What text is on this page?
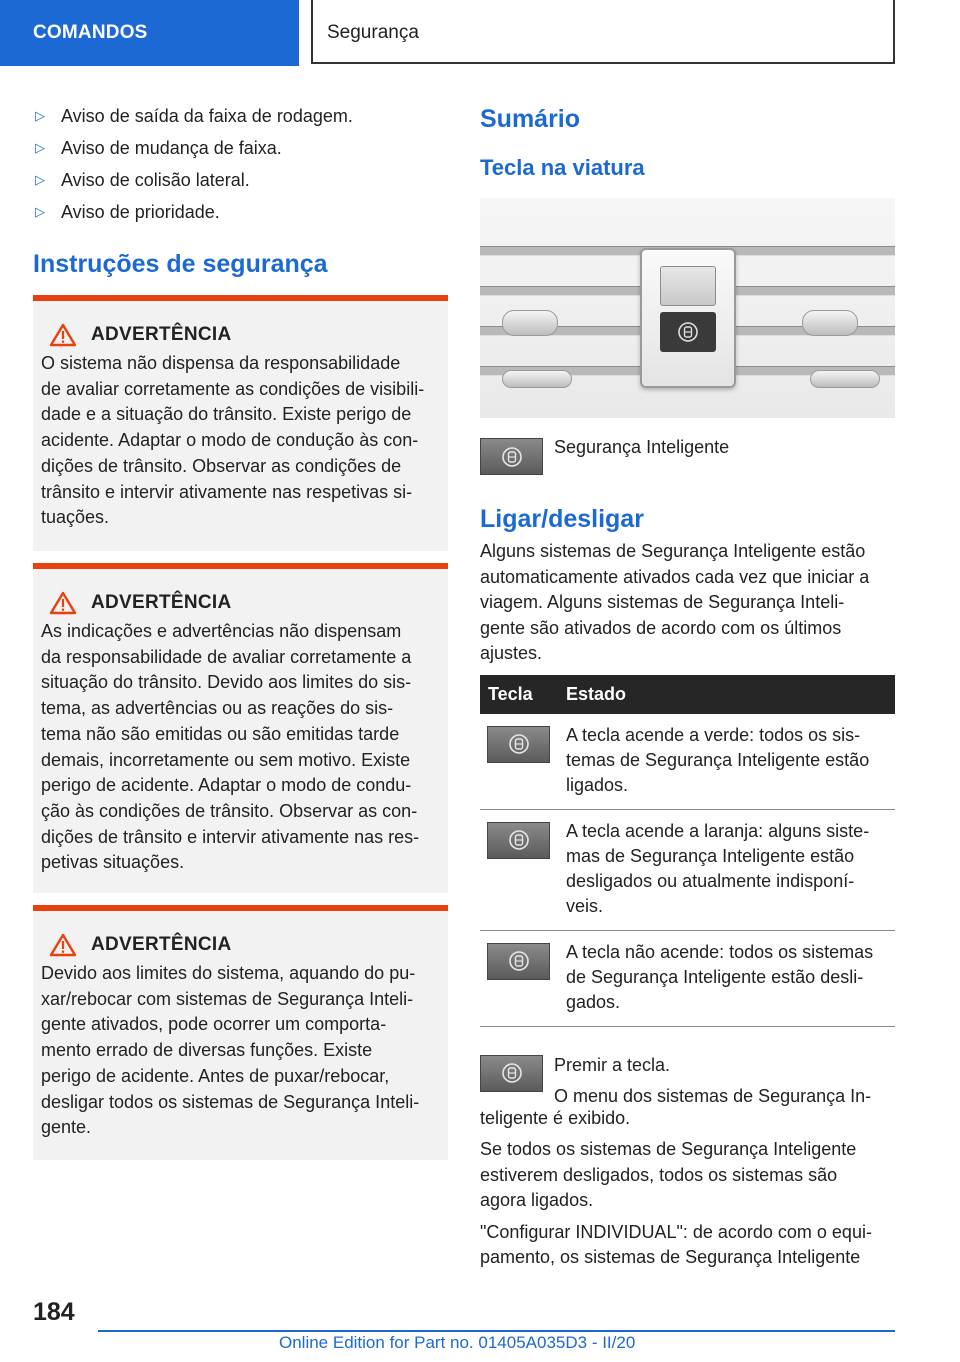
COMANDOS	Segurança
▷ Aviso de saída da faixa de rodagem.
▷ Aviso de mudança de faixa.
▷ Aviso de colisão lateral.
▷ Aviso de prioridade.
Instruções de segurança
ADVERTÊNCIA
O sistema não dispensa da responsabilidade
de avaliar corretamente as condições de visibili-
dade e a situação do trânsito. Existe perigo de
acidente. Adaptar o modo de condução às con-
dições de trânsito. Observar as condições de
trânsito e intervir ativamente nas respetivas si-
tuações.
ADVERTÊNCIA
As indicações e advertências não dispensam
da responsabilidade de avaliar corretamente a
situação do trânsito. Devido aos limites do sis-
tema, as advertências ou as reações do sis-
tema não são emitidas ou são emitidas tarde
demais, incorretamente ou sem motivo. Existe
perigo de acidente. Adaptar o modo de condu-
ção às condições de trânsito. Observar as con-
dições de trânsito e intervir ativamente nas res-
petivas situações.
ADVERTÊNCIA
Devido aos limites do sistema, aquando do pu-
xar/rebocar com sistemas de Segurança Inteli-
gente ativados, pode ocorrer um comporta-
mento errado de diversas funções. Existe
perigo de acidente. Antes de puxar/rebocar,
desligar todos os sistemas de Segurança Inteli-
gente.
Sumário
Tecla na viatura
Segurança Inteligente
Ligar/desligar
Alguns sistemas de Segurança Inteligente estão
automaticamente ativados cada vez que iniciar a
viagem. Alguns sistemas de Segurança Inteli-
gente são ativados de acordo com os últimos
ajustes.
Tecla	Estado

A tecla acende a verde: todos os sis-
temas de Segurança Inteligente estão
ligados.

A tecla acende a laranja: alguns siste-
mas de Segurança Inteligente estão
desligados ou atualmente indisponí-
veis.

A tecla não acende: todos os sistemas
de Segurança Inteligente estão desli-
gados.
Premir a tecla.
O menu dos sistemas de Segurança In-
teligente é exibido.
Se todos os sistemas de Segurança Inteligente
estiverem desligados, todos os sistemas são
agora ligados.
"Configurar INDIVIDUAL": de acordo com o equi-
pamento, os sistemas de Segurança Inteligente
184
Online Edition for Part no. 01405A035D3 - II/20
